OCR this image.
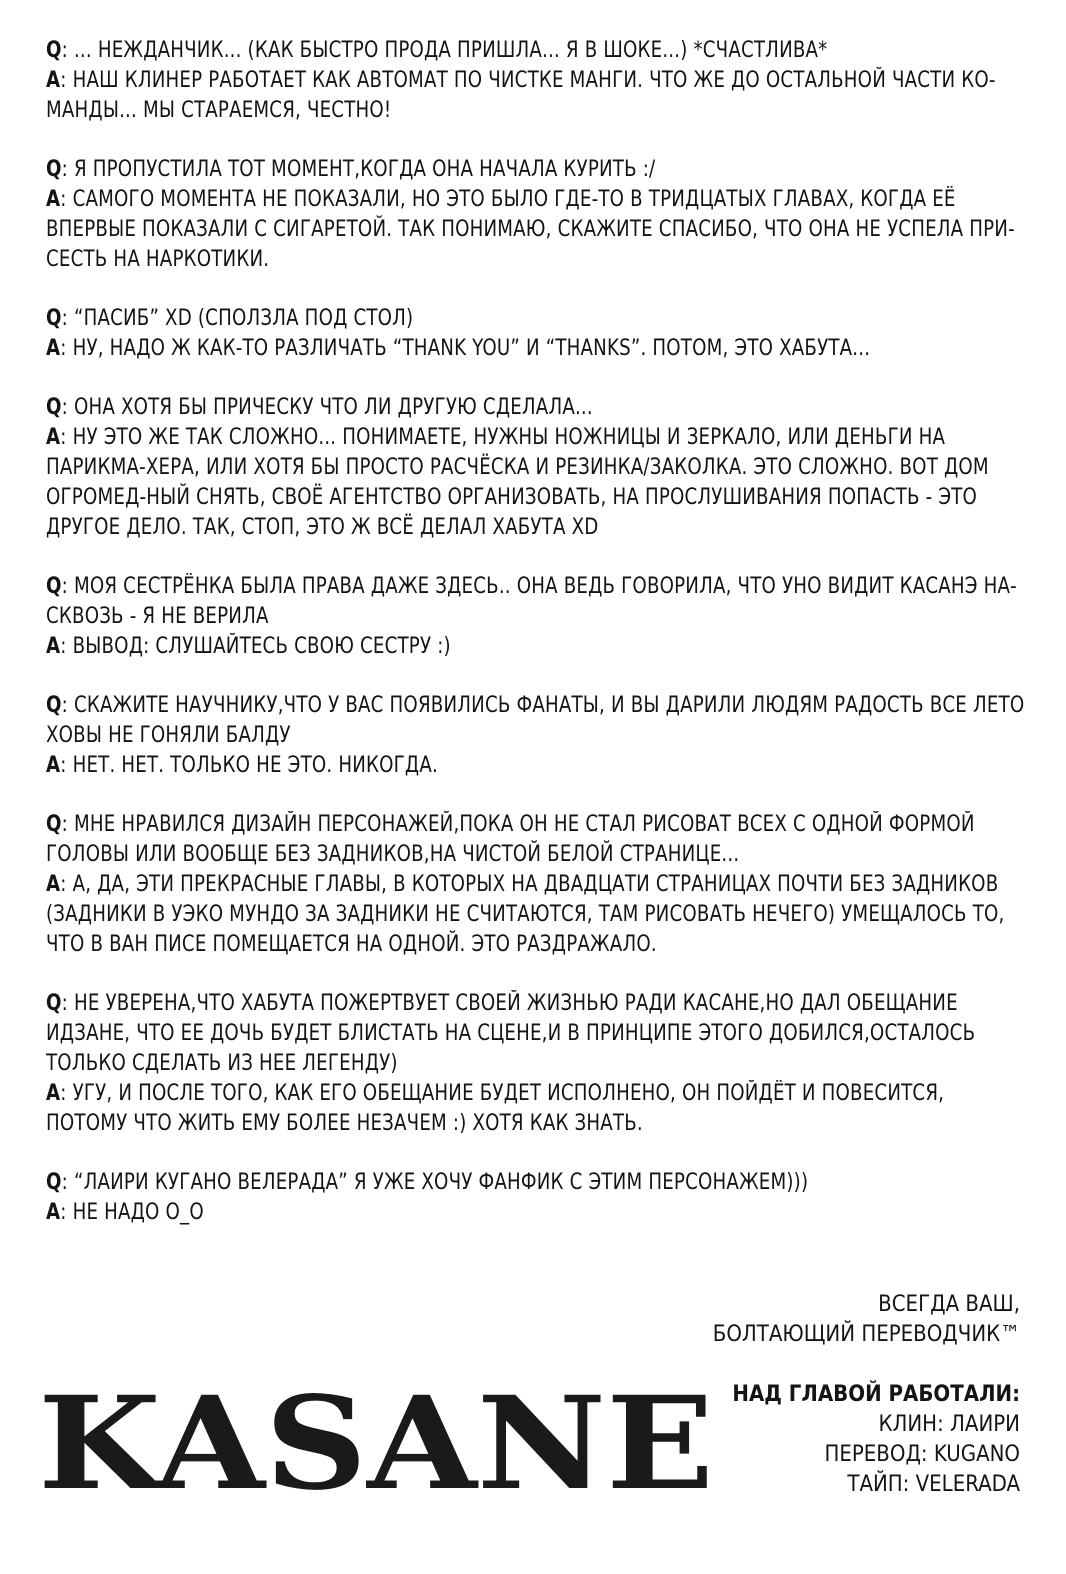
Q: ... НЕЖДАНЧИК... (КАК БЫСТРО ПРОДА ПРИШЛА... Я В ШОКЕ...) *СЧАСТЛИВА*

A: НАШ КЛИНЕР РАБОТАЕТ КАК АВТОМАТ ПО ЧИСТКЕ МАНГИ. ЧТО ЖЕ ДО ОСТАЛЬНОЙ ЧАСТИ КО-МАНДЫ... МЫ СТАРАЕМСЯ, ЧЕСТНО!

Q: Я ПРОПУСТИЛА ТОТ МОМЕНТ,КОГДА ОНА НАЧАЛА КУРИТЬ :/

A: САМОГО МОМЕНТА НЕ ПОКАЗАЛИ, НО ЭТО БЫЛО ГДЕ-ТО В ТРИДЦАТЫХ ГЛАВАХ, КОГДА ЕЁ ВПЕРВЫЕ ПОКАЗАЛИ С СИГАРЕТОЙ. ТАК ПОНИМАЮ, СКАЖИТЕ СПАСИБО, ЧТО ОНА НЕ УСПЕЛА ПРИ-СЕСТЬ НА НАРКОТИКИ.

Q: “ПАСИБ” XD (СПОЛЗЛА ПОД СТОЛ)

A: НУ, НАДО Ж КАК-ТО РАЗЛИЧАТЬ “THANK YOU” И “THANKS”. ПОТОМ, ЭТО ХАБУТА...

Q: ОНА ХОТЯ БЫ ПРИЧЕСКУ ЧТО ЛИ ДРУГУЮ СДЕЛАЛА...

A: НУ ЭТО ЖЕ ТАК СЛОЖНО... ПОНИМАЕТЕ, НУЖНЫ НОЖНИЦЫ И ЗЕРКАЛО, ИЛИ ДЕНЬГИ НА ПАРИКМА-ХЕРА, ИЛИ ХОТЯ БЫ ПРОСТО РАСЧЁСКА И РЕЗИНКА/ЗАКОЛКА. ЭТО СЛОЖНО. ВОТ ДОМ ОГРОМЕД-НЫЙ СНЯТЬ, СВОЁ АГЕНТСТВО ОРГАНИЗОВАТЬ, НА ПРОСЛУШИВАНИЯ ПОПАСТЬ - ЭТО ДРУГОЕ ДЕЛО. ТАК, СТОП, ЭТО Ж ВСЁ ДЕЛАЛ ХАБУТА XD

Q: МОЯ СЕСТРЁНКА БЫЛА ПРАВА ДАЖЕ ЗДЕСЬ.. ОНА ВЕДЬ ГОВОРИЛА, ЧТО УНО ВИДИТ КАСАНЭ НА-СКВОЗЬ - Я НЕ ВЕРИЛА

A: ВЫВОД: СЛУШАЙТЕСЬ СВОЮ СЕСТРУ :)

Q: СКАЖИТЕ НАУЧНИКУ,ЧТО У ВАС ПОЯВИЛИСЬ ФАНАТЫ, И ВЫ ДАРИЛИ ЛЮДЯМ РАДОСТЬ ВСЕ ЛЕТО ХОВЫ НЕ ГОНЯЛИ БАЛДУ

A: НЕТ. НЕТ. ТОЛЬКО НЕ ЭТО. НИКОГДА.

Q: МНЕ НРАВИЛСЯ ДИЗАЙН ПЕРСОНАЖЕЙ,ПОКА ОН НЕ СТАЛ РИСОВАТ ВСЕХ С ОДНОЙ ФОРМОЙ ГОЛОВЫ ИЛИ ВООБЩЕ БЕЗ ЗАДНИКОВ,НА ЧИСТОЙ БЕЛОЙ СТРАНИЦЕ...

A: А, ДА, ЭТИ ПРЕКРАСНЫЕ ГЛАВЫ, В КОТОРЫХ НА ДВАДЦАТИ СТРАНИЦАХ ПОЧТИ БЕЗ ЗАДНИКОВ (ЗАДНИКИ В УЭКО МУНДО ЗА ЗАДНИКИ НЕ СЧИТАЮТСЯ, ТАМ РИСОВАТЬ НЕЧЕГО) УМЕЩАЛОСЬ ТО, ЧТО В ВАН ПИСЕ ПОМЕЩАЕТСЯ НА ОДНОЙ. ЭТО РАЗДРАЖАЛО.

Q: НЕ УВЕРЕНА,ЧТО ХАБУТА ПОЖЕРТВУЕТ СВОЕЙ ЖИЗНЬЮ РАДИ КАСАНЕ,НО ДАЛ ОБЕЩАНИЕ ИДЗАНЕ, ЧТО ЕЕ ДОЧЬ БУДЕТ БЛИСТАТЬ НА СЦЕНЕ,И В ПРИНЦИПЕ ЭТОГО ДОБИЛСЯ,ОСТАЛОСЬ ТОЛЬКО СДЕЛАТЬ ИЗ НЕЕ ЛЕГЕНДУ)

A: УГУ, И ПОСЛЕ ТОГО, КАК ЕГО ОБЕЩАНИЕ БУДЕТ ИСПОЛНЕНО, ОН ПОЙДЁТ И ПОВЕСИТСЯ, ПОТОМУ ЧТО ЖИТЬ ЕМУ БОЛЕЕ НЕЗАЧЕМ :) ХОТЯ КАК ЗНАТЬ.

Q: “ЛАИРИ КУГАНО ВЕЛЕРАДА” Я УЖЕ ХОЧУ ФАНФИК С ЭТИМ ПЕРСОНАЖЕМ)))

A: НЕ НАДО O_O

ВСЕГДА ВАШ,
БОЛТАЮЩИЙ ПЕРЕВОДЧИК™
НАД ГЛАВОЙ РАБОТАЛИ:
КЛИН: ЛАИРИ
ПЕРЕВОД: KUGANO
ТАЙП: VELERADA
KASANE
